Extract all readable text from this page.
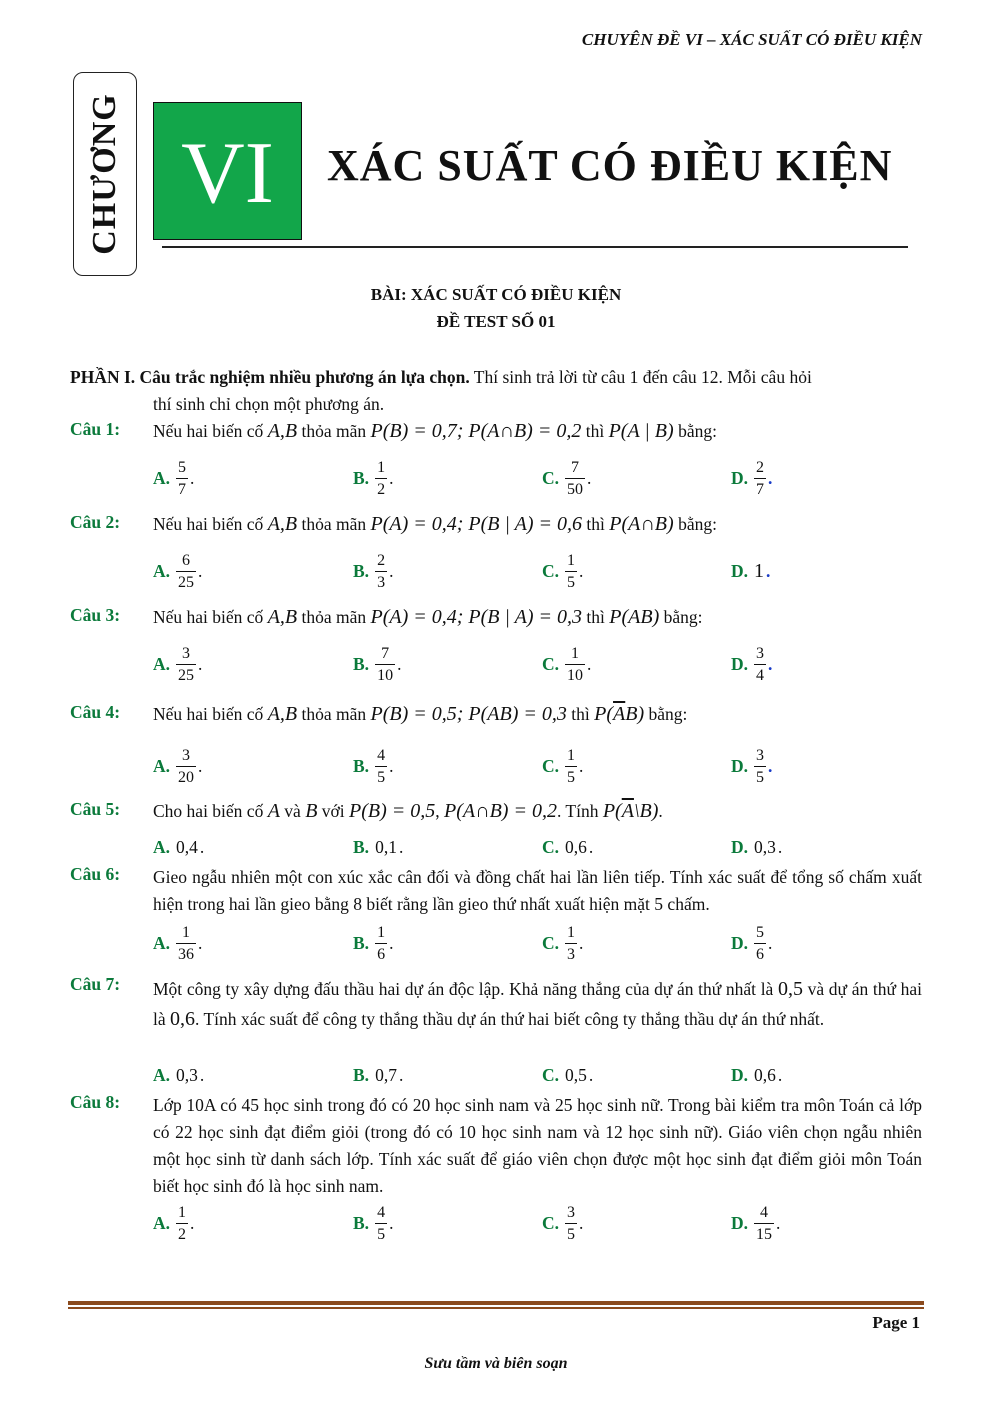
CHUYÊN ĐỀ VI – XÁC SUẤT CÓ ĐIỀU KIỆN
CHƯƠNG VI XÁC SUẤT CÓ ĐIỀU KIỆN
BÀI: XÁC SUẤT CÓ ĐIỀU KIỆN
ĐỀ TEST SỐ 01
PHẦN I. Câu trắc nghiệm nhiều phương án lựa chọn. Thí sinh trả lời từ câu 1 đến câu 12. Mỗi câu hỏi
thí sinh chỉ chọn một phương án.
Câu 1: Nếu hai biến cố A,B thỏa mãn P(B) = 0,7; P(A∩B) = 0,2 thì P(A | B) bằng:
A. $\frac{5}{7}$ .	B. $\frac{1}{2}$ .	C. $\frac{7}{50}$ .	D. $\frac{2}{7}$ .
Câu 2: Nếu hai biến cố A,B thỏa mãn P(A) = 0,4; P(B | A) = 0,6 thì P(A∩B) bằng:
A. $\frac{6}{25}$ .	B. $\frac{2}{3}$ .	C. $\frac{1}{5}$ .	D. 1 .
Câu 3: Nếu hai biến cố A,B thỏa mãn P(A) = 0,4; P(B | A) = 0,3 thì P(AB) bằng:
A. $\frac{3}{25}$ .	B. $\frac{7}{10}$ .	C. $\frac{1}{10}$ .	D. $\frac{3}{4}$ .
Câu 4: Nếu hai biến cố A,B thỏa mãn P(B) = 0,5; P(AB) = 0,3 thì $P(\overline{A}B)$ bằng:
A. $\frac{3}{20}$ .	B. $\frac{4}{5}$ .	C. $\frac{1}{5}$ .	D. $\frac{3}{5}$ .
Câu 5: Cho hai biến cố A và B với P(B) = 0,5, P(A∩B) = 0,2. Tính $P(\overline{A}\backslash B)$.
A. 0,4 .	B. 0,1 .	C. 0,6 .	D. 0,3 .
Câu 6: Gieo ngẫu nhiên một con xúc xắc cân đối và đồng chất hai lần liên tiếp. Tính xác suất để tổng số chấm xuất hiện trong hai lần gieo bằng 8 biết rằng lần gieo thứ nhất xuất hiện mặt 5 chấm.
A. $\frac{1}{36}$ .	B. $\frac{1}{6}$ .	C. $\frac{1}{3}$ .	D. $\frac{5}{6}$ .
Câu 7: Một công ty xây dựng đấu thầu hai dự án độc lập. Khả năng thắng của dự án thứ nhất là 0,5 và dự án thứ hai là 0,6. Tính xác suất để công ty thắng thầu dự án thứ hai biết công ty thắng thầu dự án thứ nhất.
A. 0,3 .	B. 0,7 .	C. 0,5 .	D. 0,6 .
Câu 8: Lớp 10A có 45 học sinh trong đó có 20 học sinh nam và 25 học sinh nữ. Trong bài kiểm tra môn Toán cả lớp có 22 học sinh đạt điểm giỏi (trong đó có 10 học sinh nam và 12 học sinh nữ). Giáo viên chọn ngẫu nhiên một học sinh từ danh sách lớp. Tính xác suất để giáo viên chọn được một học sinh đạt điểm giỏi môn Toán biết học sinh đó là học sinh nam.
A. $\frac{1}{2}$ .	B. $\frac{4}{5}$ .	C. $\frac{3}{5}$ .	D. $\frac{4}{15}$ .
Page 1
Sưu tầm và biên soạn
